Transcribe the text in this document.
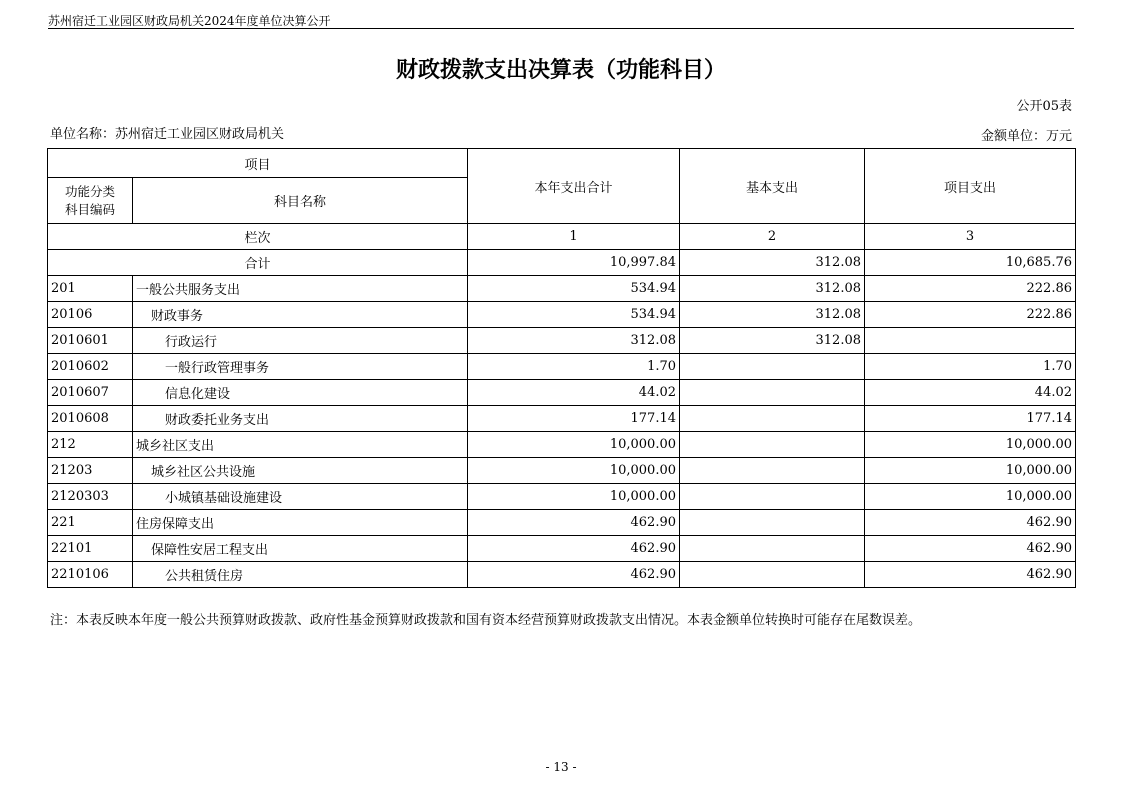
苏州宿迁工业园区财政局机关2024年度单位决算公开
财政拨款支出决算表（功能科目）
公开05表
单位名称：苏州宿迁工业园区财政局机关	金额单位：万元
项目		本年支出合计	基本支出	项目支出
功能分类
科目编码	科目名称			
栏次		1	2	3
合计		10,997.84	312.08	10,685.76
201	一般公共服务支出	534.94	312.08	222.86
20106	财政事务	534.94	312.08	222.86
2010601	行政运行	312.08	312.08	
2010602	一般行政管理事务	1.70		1.70
2010607	信息化建设	44.02		44.02
2010608	财政委托业务支出	177.14		177.14
212	城乡社区支出	10,000.00		10,000.00
21203	城乡社区公共设施	10,000.00		10,000.00
2120303	小城镇基础设施建设	10,000.00		10,000.00
221	住房保障支出	462.90		462.90
22101	保障性安居工程支出	462.90		462.90
2210106	公共租赁住房	462.90		462.90
注：本表反映本年度一般公共预算财政拨款、政府性基金预算财政拨款和国有资本经营预算财政拨款支出情况。本表金额单位转换时可能存在尾数误差。
- 13 -
